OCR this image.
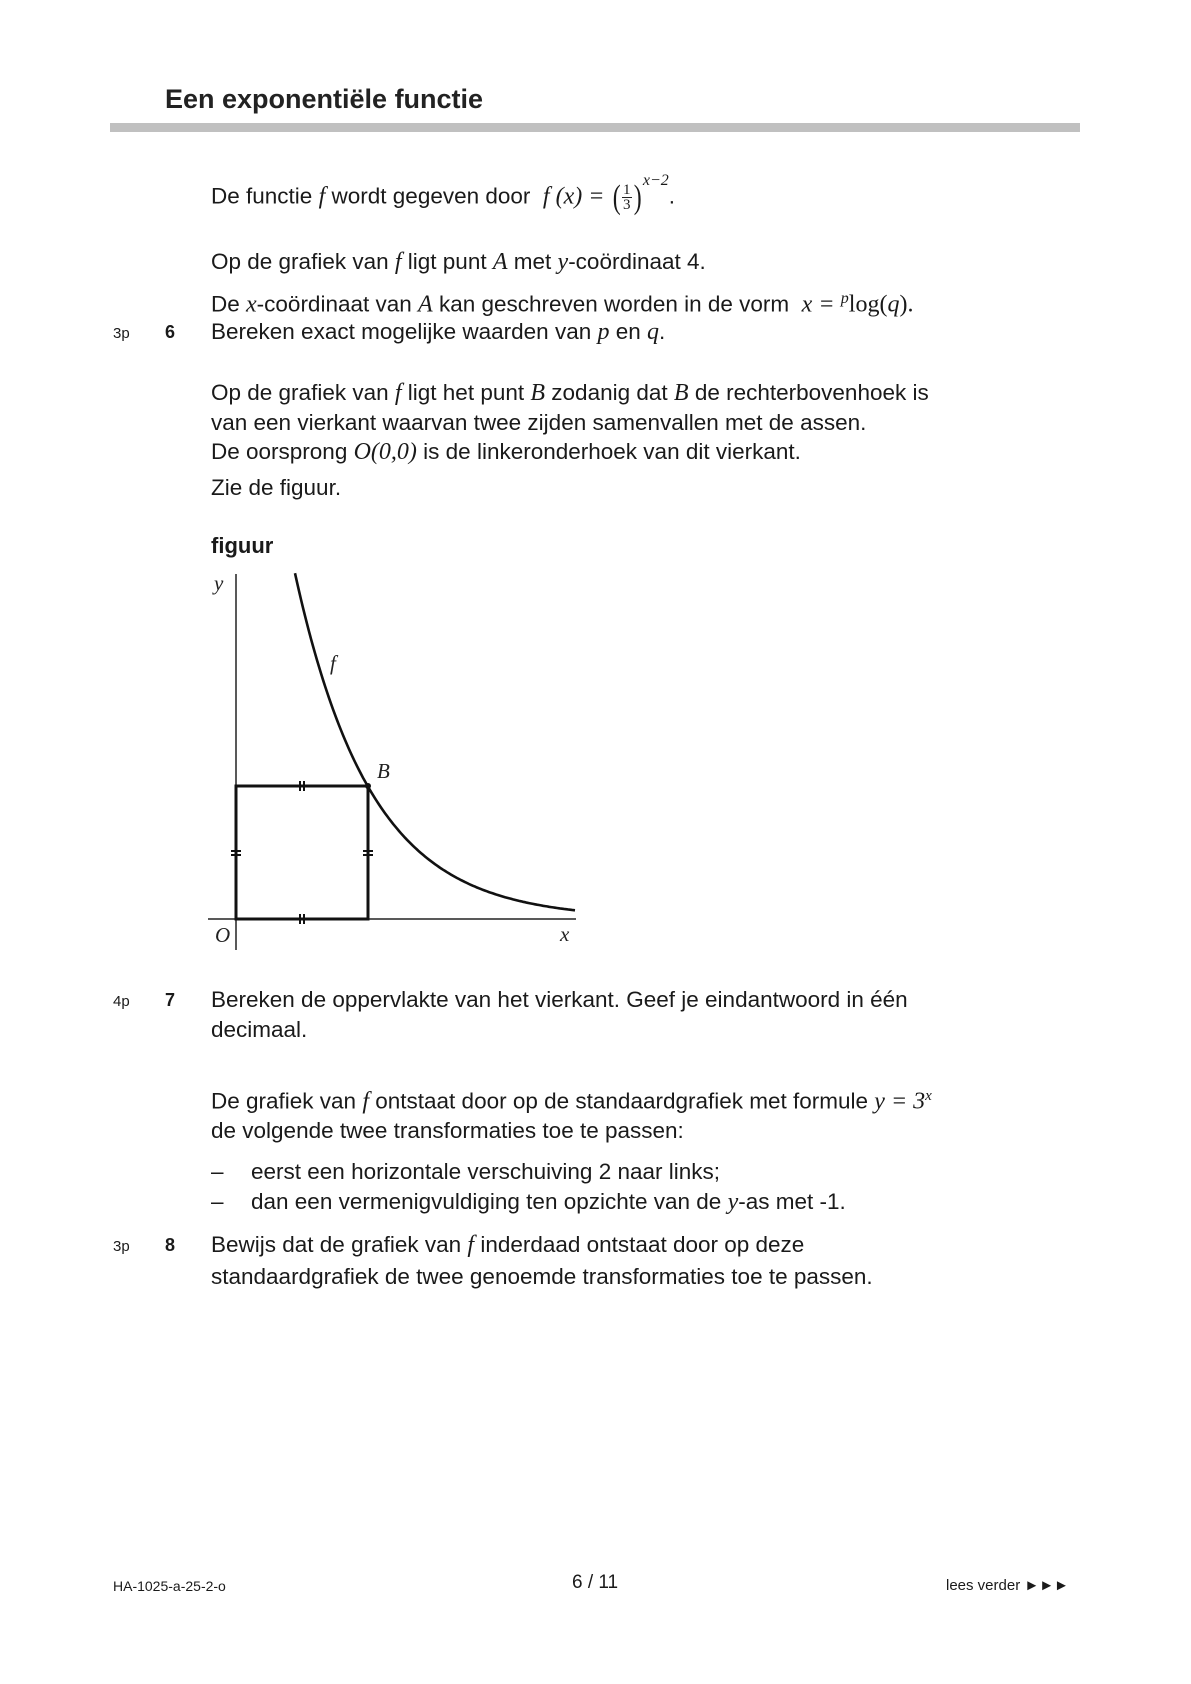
Een exponentiële functie
De functie f wordt gegeven door f (x) = ( $\frac{1}{3}$ ) $^{x-2}$.
Op de grafiek van f ligt punt A met y-coördinaat 4.
De x-coördinaat van A kan geschreven worden in de vorm  x = $^p$log(q).
3p 6 Bereken exact mogelijke waarden van p en q.
Op de grafiek van f ligt het punt B zodanig dat B de rechterbovenhoek is
van een vierkant waarvan twee zijden samenvallen met de assen.
De oorsprong O(0,0) is de linkeronderhoek van dit vierkant.
Zie de figuur.
figuur
y
x
O
f
B
4p 7 Bereken de oppervlakte van het vierkant. Geef je eindantwoord in één
decimaal.
De grafiek van f ontstaat door op de standaardgrafiek met formule $y = 3^x$
de volgende twee transformaties toe te passen:
– eerst een horizontale verschuiving 2 naar links;
– dan een vermenigvuldiging ten opzichte van de y-as met -1.
3p 8 Bewijs dat de grafiek van f inderdaad ontstaat door op deze
standaardgrafiek de twee genoemde transformaties toe te passen.
HA-1025-a-25-2-o	6 / 11	lees verder ►►►
